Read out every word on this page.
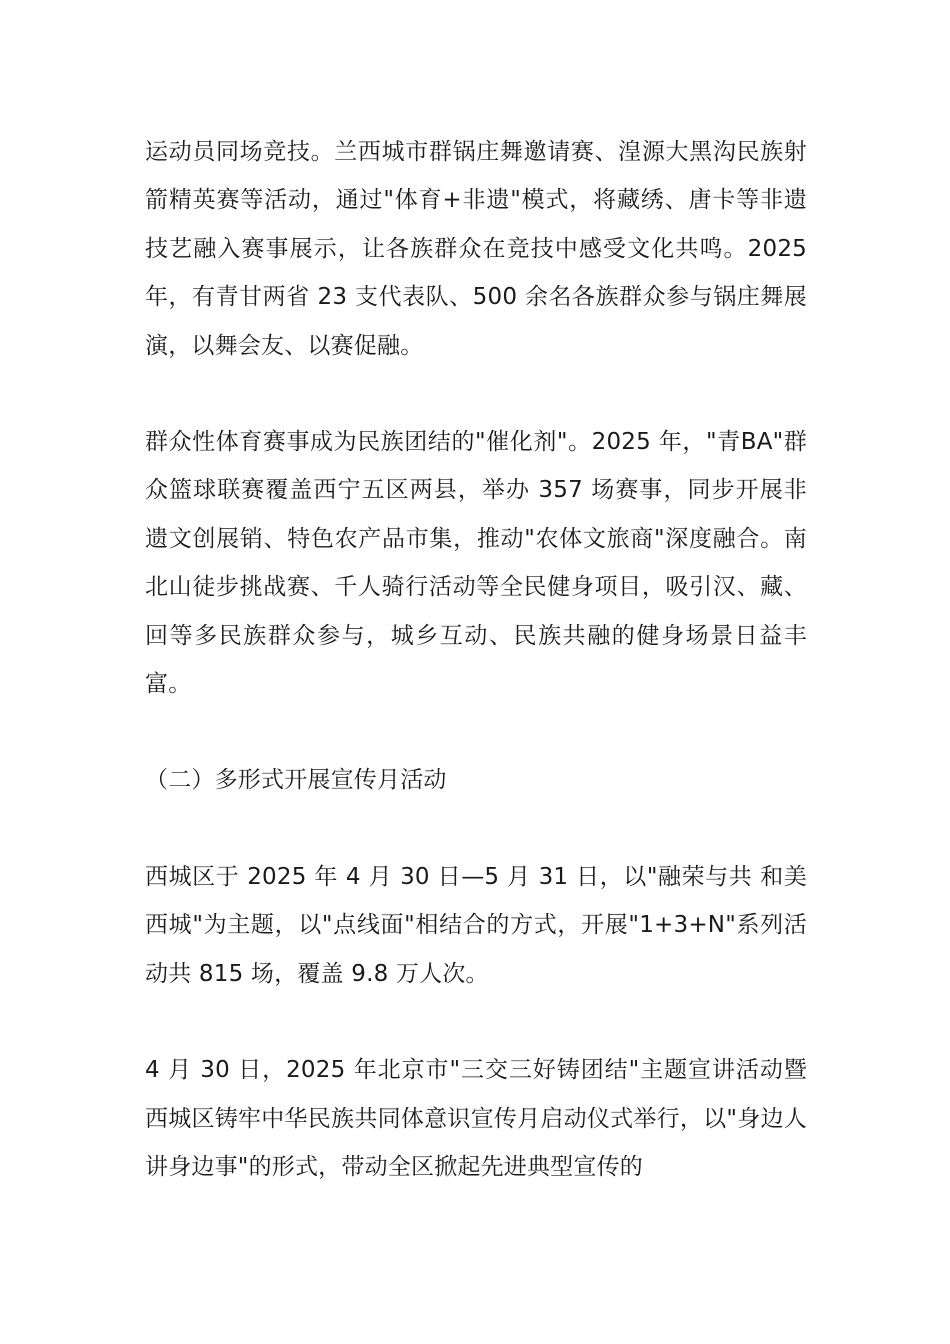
运动员同场竞技。兰西城市群锅庄舞邀请赛、湟源大黑沟民族射箭精英赛等活动，通过"体育+非遗"模式，将藏绣、唐卡等非遗技艺融入赛事展示，让各族群众在竞技中感受文化共鸣。2025 年，有青甘两省 23 支代表队、500 余名各族群众参与锅庄舞展演，以舞会友、以赛促融。

群众性体育赛事成为民族团结的"催化剂"。2025 年，"青BA"群众篮球联赛覆盖西宁五区两县，举办 357 场赛事，同步开展非遗文创展销、特色农产品市集，推动"农体文旅商"深度融合。南北山徒步挑战赛、千人骑行活动等全民健身项目，吸引汉、藏、回等多民族群众参与，城乡互动、民族共融的健身场景日益丰富。

（二）多形式开展宣传月活动

西城区于 2025 年 4 月 30 日—5 月 31 日，以"融荣与共 和美西城"为主题，以"点线面"相结合的方式，开展"1+3+N"系列活动共 815 场，覆盖 9.8 万人次。

4 月 30 日，2025 年北京市"三交三好铸团结"主题宣讲活动暨西城区铸牢中华民族共同体意识宣传月启动仪式举行，以"身边人讲身边事"的形式，带动全区掀起先进典型宣传的
